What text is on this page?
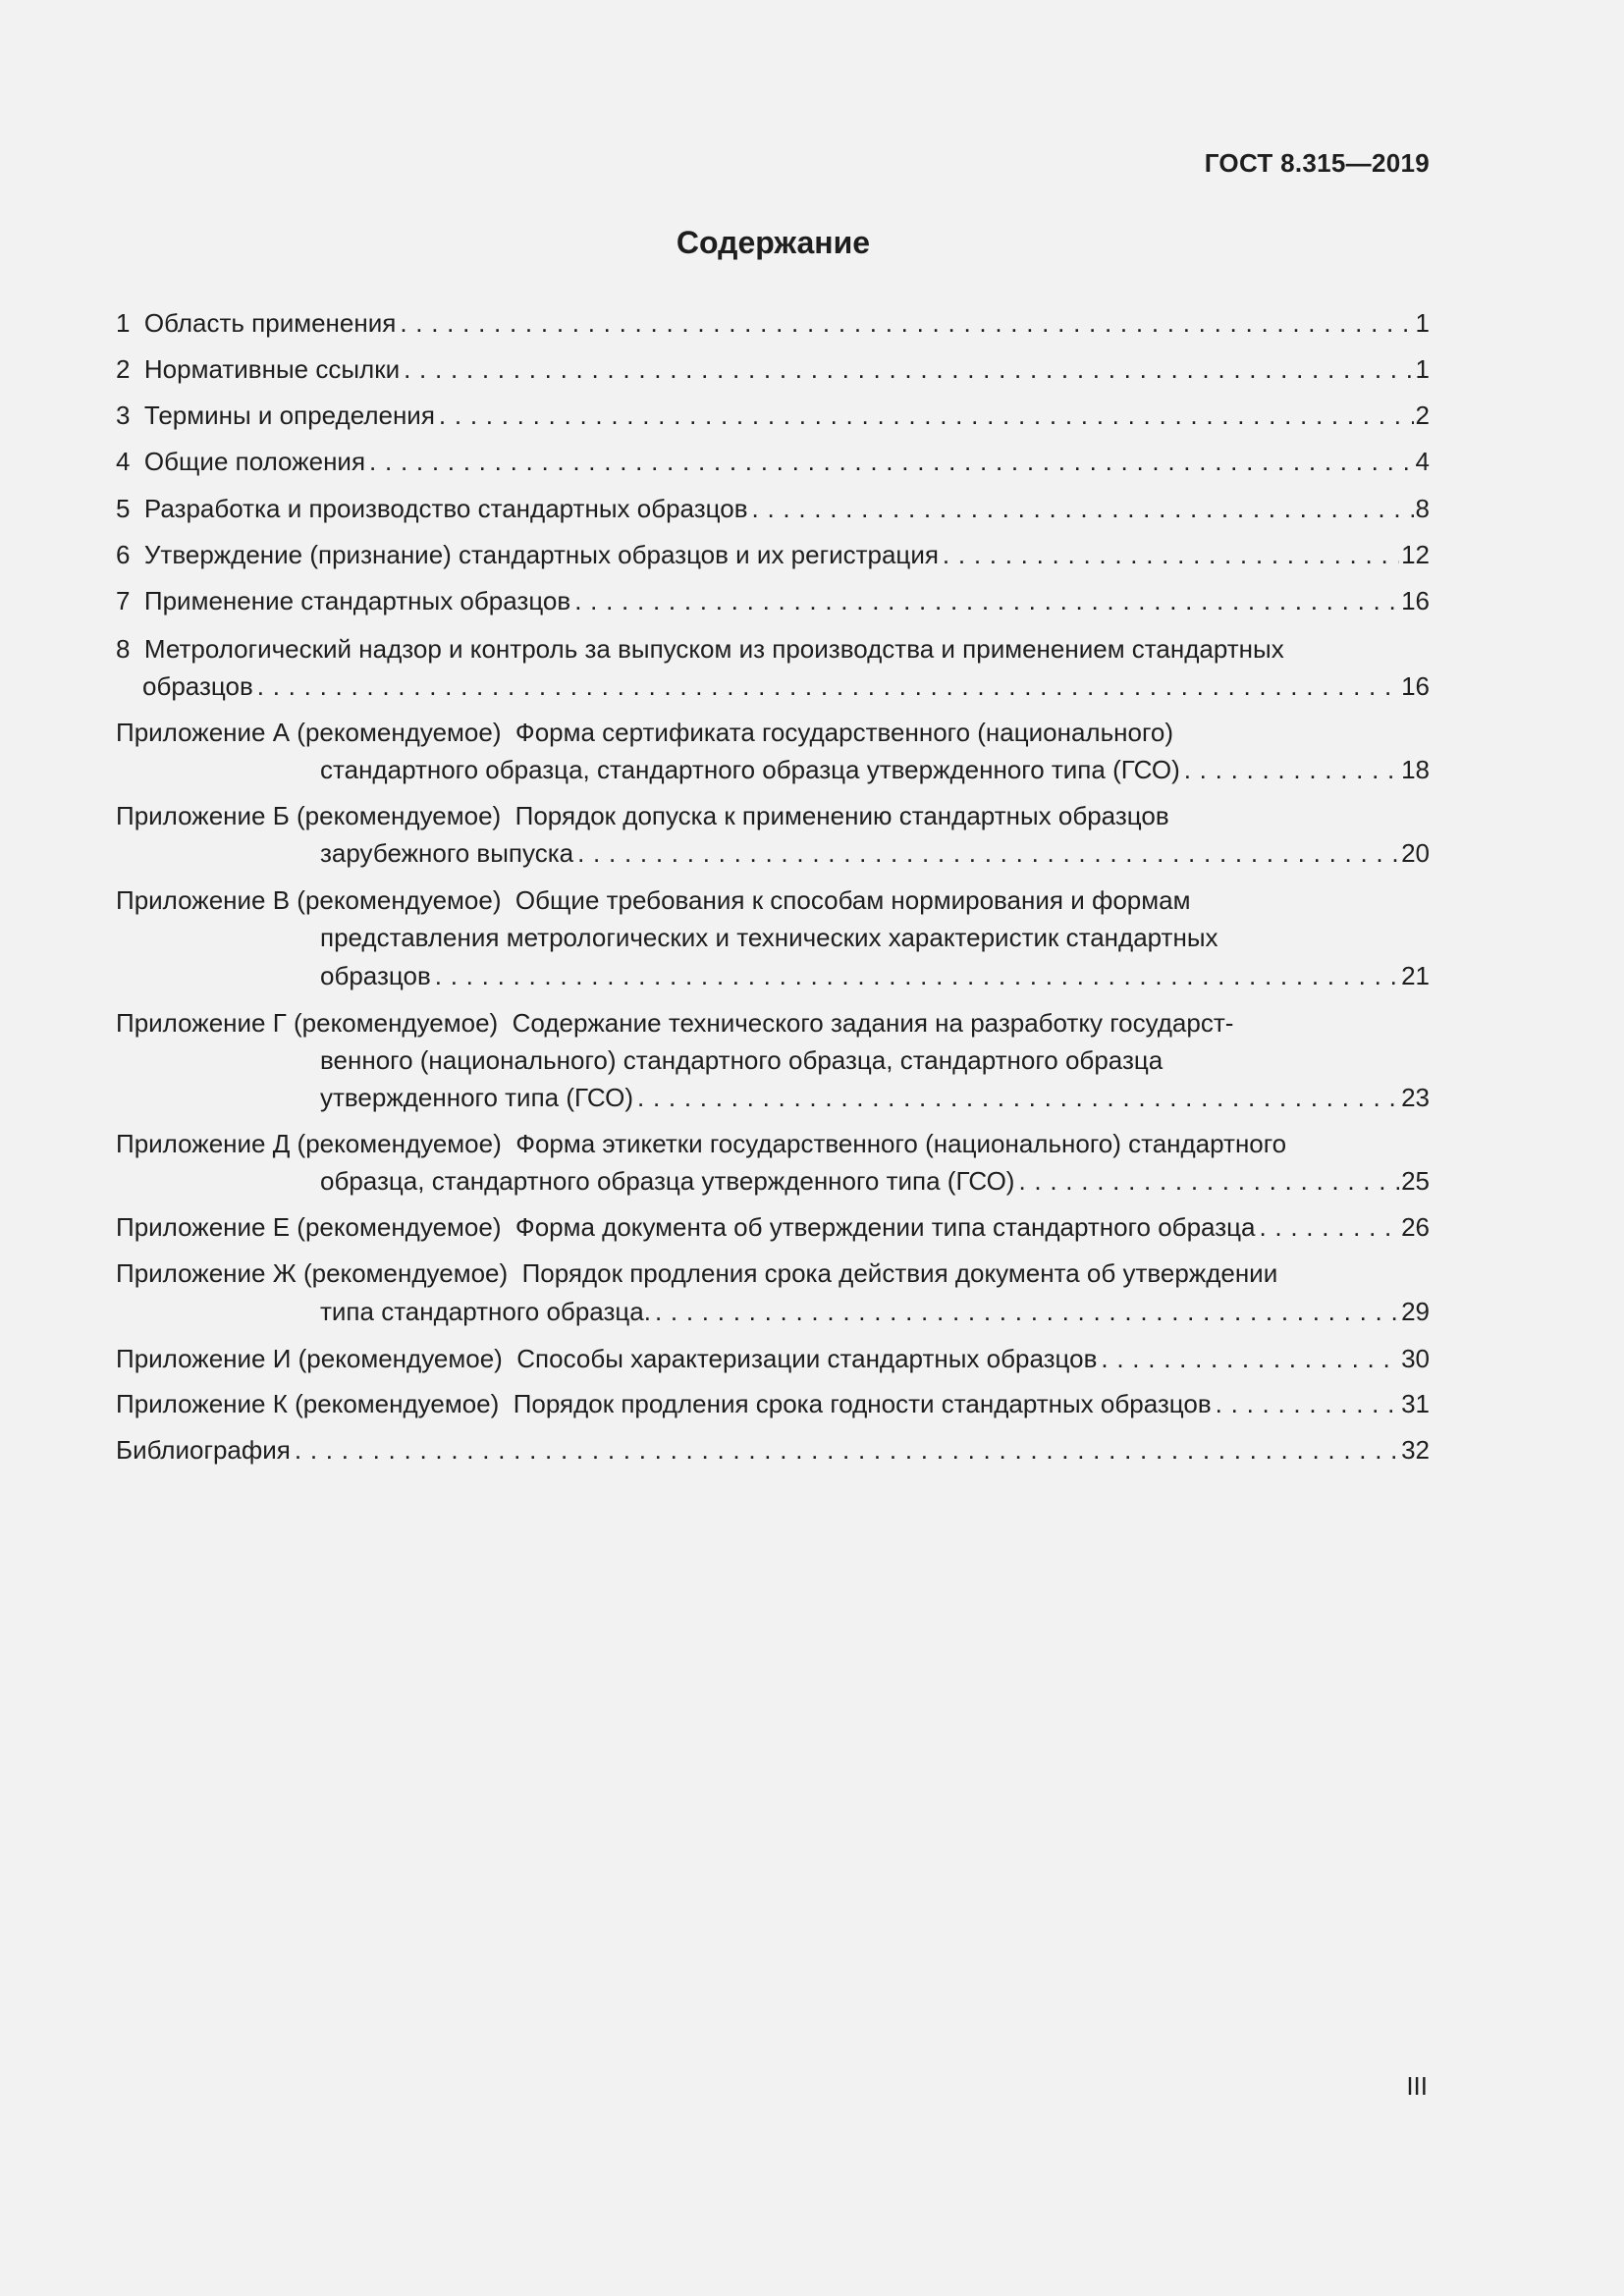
ГОСТ 8.315—2019
Содержание
1  Область применения . . .	1
2  Нормативные ссылки . . .	1
3  Термины и определения . . .	2
4  Общие положения . . .	4
5  Разработка и производство стандартных образцов . . .	8
6  Утверждение (признание) стандартных образцов и их регистрация . . .	12
7  Применение стандартных образцов . . .	16
8  Метрологический надзор и контроль за выпуском из производства и применением стандартных
образцов . . .	16
Приложение А (рекомендуемое)  Форма сертификата государственного (национального)
стандартного образца, стандартного образца утвержденного типа (ГСО) . . .	18
Приложение Б (рекомендуемое)  Порядок допуска к применению стандартных образцов
зарубежного выпуска . . .	20
Приложение В (рекомендуемое)  Общие требования к способам нормирования и формам
представления метрологических и технических характеристик стандартных
образцов . . .	21
Приложение Г (рекомендуемое)  Содержание технического задания на разработку государст-
венного (национального) стандартного образца, стандартного образца
утвержденного типа (ГСО) . . .	23
Приложение Д (рекомендуемое)  Форма этикетки государственного (национального) стандартного
образца, стандартного образца утвержденного типа (ГСО) . . .	25
Приложение Е (рекомендуемое)  Форма документа об утверждении типа стандартного образца . . .	26
Приложение Ж (рекомендуемое)  Порядок продления срока действия документа об утверждении
типа стандартного образца. . . .	29
Приложение И (рекомендуемое)  Способы характеризации стандартных образцов . . .	30
Приложение К (рекомендуемое)  Порядок продления срока годности стандартных образцов . . .	31
Библиография . . .	32
III
